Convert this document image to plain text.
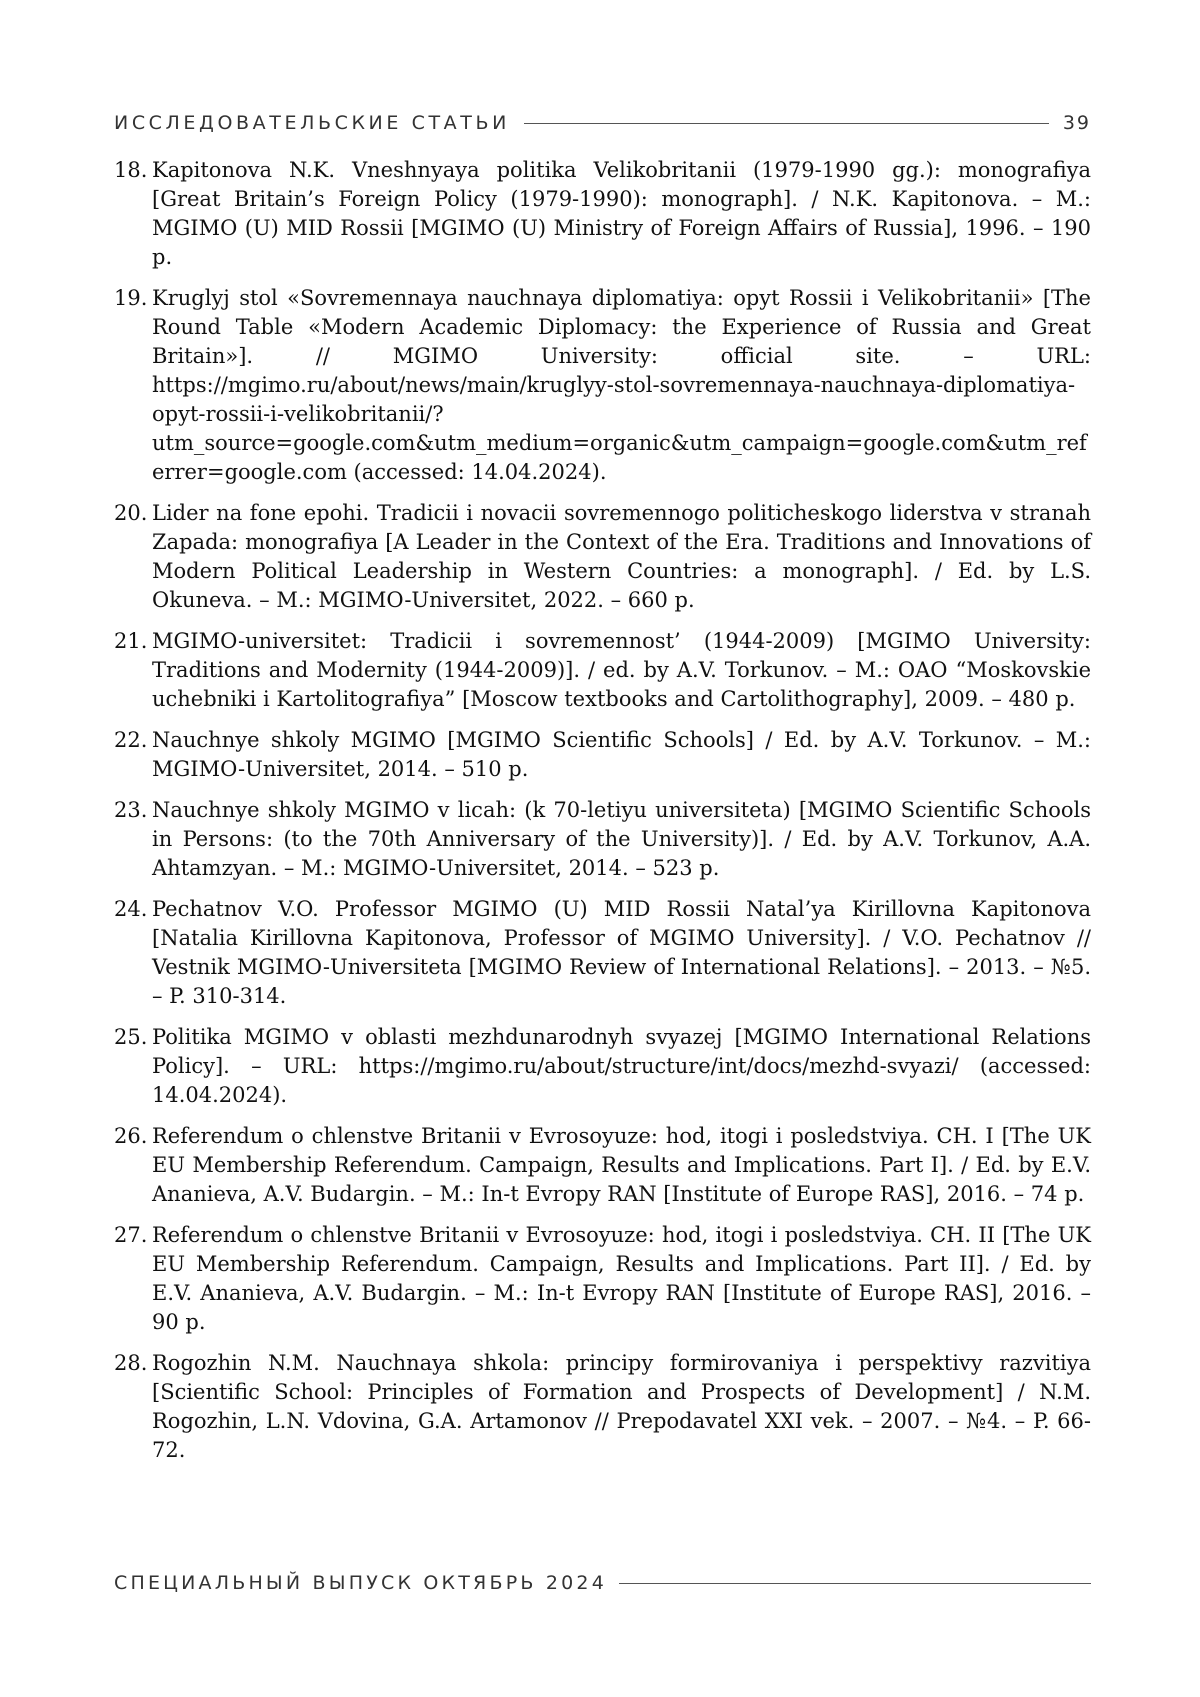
ИССЛЕДОВАТЕЛЬСКИЕ СТАТЬИ	39
18. Kapitonova N.K. Vneshnyaya politika Velikobritanii (1979-1990 gg.): monografiya [Great Britain’s Foreign Policy (1979-1990): monograph]. / N.K. Kapitonova. – M.: MGIMO (U) MID Rossii [MGIMO (U) Ministry of Foreign Affairs of Russia], 1996. – 190 p.
19. Kruglyj stol «Sovremennaya nauchnaya diplomatiya: opyt Rossii i Velikobritanii» [The Round Table «Modern Academic Diplomacy: the Experience of Russia and Great Britain»]. // MGIMO University: official site. – URL: https://mgimo.ru/about/news/main/kruglyy-stol-sovremennaya-nauchnaya-diplomatiya-opyt-rossii-i-velikobritanii/?utm_source=google.com&utm_medium=organic&utm_campaign=google.com&utm_referrer=google.com (accessed: 14.04.2024).
20. Lider na fone epohi. Tradicii i novacii sovremennogo politicheskogo liderstva v stranah Zapada: monografiya [A Leader in the Context of the Era. Traditions and Innovations of Modern Political Leadership in Western Countries: a monograph]. / Ed. by L.S. Okuneva. – M.: MGIMO-Universitet, 2022. – 660 p.
21. MGIMO-universitet: Tradicii i sovremennost’ (1944-2009) [MGIMO University: Traditions and Modernity (1944-2009)]. / ed. by A.V. Torkunov. – M.: OAO “Moskovskie uchebniki i Kartolitografiya” [Moscow textbooks and Cartolithography], 2009. – 480 p.
22. Nauchnye shkoly MGIMO [MGIMO Scientific Schools] / Ed. by A.V. Torkunov. – M.: MGIMO-Universitet, 2014. – 510 p.
23. Nauchnye shkoly MGIMO v licah: (k 70-letiyu universiteta) [MGIMO Scientific Schools in Persons: (to the 70th Anniversary of the University)]. / Ed. by A.V. Torkunov, A.A. Ahtamzyan. – M.: MGIMO-Universitet, 2014. – 523 p.
24. Pechatnov V.O. Professor MGIMO (U) MID Rossii Natal’ya Kirillovna Kapitonova [Natalia Kirillovna Kapitonova, Professor of MGIMO University]. / V.O. Pechatnov // Vestnik MGIMO-Universiteta [MGIMO Review of International Relations]. – 2013. – №5. – P. 310-314.
25. Politika MGIMO v oblasti mezhdunarodnyh svyazej [MGIMO International Relations Policy]. – URL: https://mgimo.ru/about/structure/int/docs/mezhd-svyazi/ (accessed: 14.04.2024).
26. Referendum o chlenstve Britanii v Evrosoyuze: hod, itogi i posledstviya. CH. I [The UK EU Membership Referendum. Campaign, Results and Implications. Part I]. / Ed. by E.V. Ananieva, A.V. Budargin. – M.: In-t Evropy RAN [Institute of Europe RAS], 2016. – 74 p.
27. Referendum o chlenstve Britanii v Evrosoyuze: hod, itogi i posledstviya. CH. II [The UK EU Membership Referendum. Campaign, Results and Implications. Part II]. / Ed. by E.V. Ananieva, A.V. Budargin. – M.: In-t Evropy RAN [Institute of Europe RAS], 2016. – 90 p.
28. Rogozhin N.M. Nauchnaya shkola: principy formirovaniya i perspektivy razvitiya [Scientific School: Principles of Formation and Prospects of Development] / N.M. Rogozhin, L.N. Vdovina, G.A. Artamonov // Prepodavatel XXI vek. – 2007. – №4. – P. 66-72.
СПЕЦИАЛЬНЫЙ ВЫПУСК ОКТЯБРЬ 2024
